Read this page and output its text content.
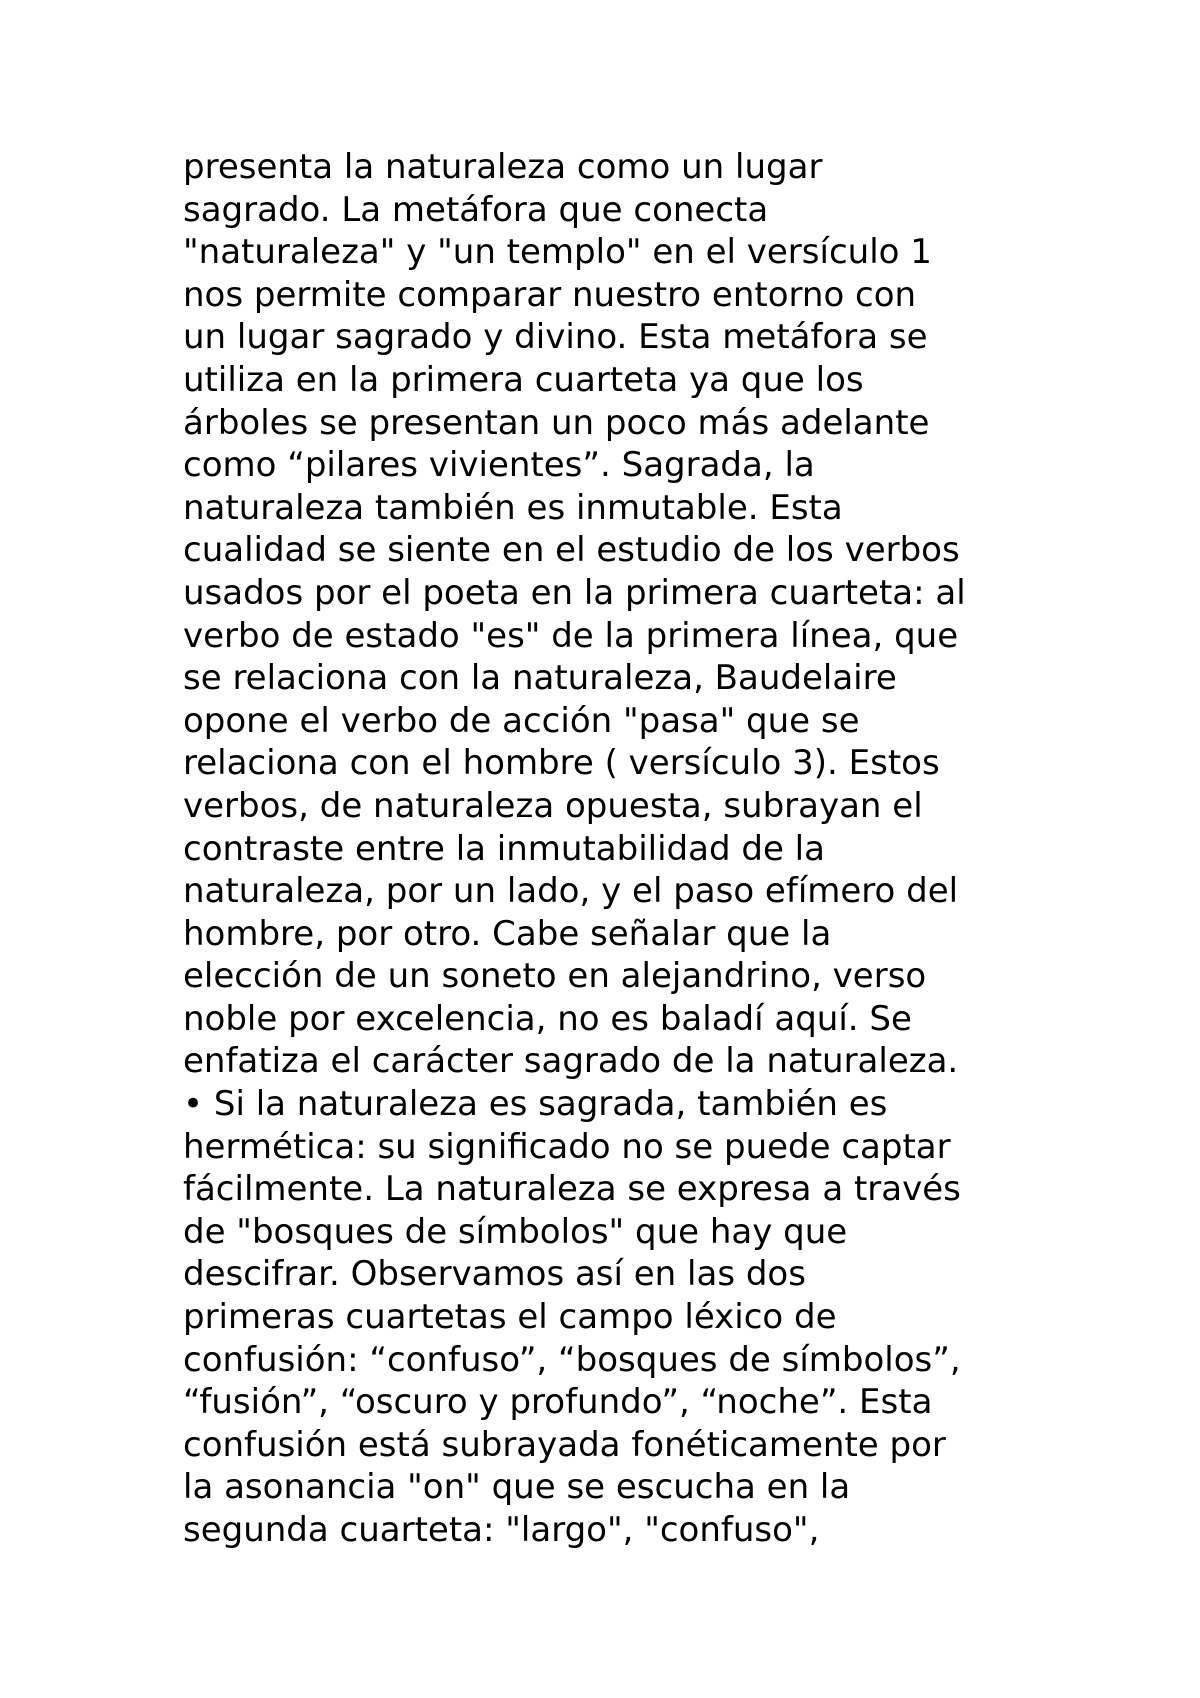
presenta la naturaleza como un lugar
sagrado. La metáfora que conecta
"naturaleza" y "un templo" en el versículo 1
nos permite comparar nuestro entorno con
un lugar sagrado y divino. Esta metáfora se
utiliza en la primera cuarteta ya que los
árboles se presentan un poco más adelante
como “pilares vivientes”. Sagrada, la
naturaleza también es inmutable. Esta
cualidad se siente en el estudio de los verbos
usados por el poeta en la primera cuarteta: al
verbo de estado "es" de la primera línea, que
se relaciona con la naturaleza, Baudelaire
opone el verbo de acción "pasa" que se
relaciona con el hombre ( versículo 3). Estos
verbos, de naturaleza opuesta, subrayan el
contraste entre la inmutabilidad de la
naturaleza, por un lado, y el paso efímero del
hombre, por otro. Cabe señalar que la
elección de un soneto en alejandrino, verso
noble por excelencia, no es baladí aquí. Se
enfatiza el carácter sagrado de la naturaleza.
• Si la naturaleza es sagrada, también es
hermética: su significado no se puede captar
fácilmente. La naturaleza se expresa a través
de "bosques de símbolos" que hay que
descifrar. Observamos así en las dos
primeras cuartetas el campo léxico de
confusión: “confuso”, “bosques de símbolos”,
“fusión”, “oscuro y profundo”, “noche”. Esta
confusión está subrayada fonéticamente por
la asonancia "on" que se escucha en la
segunda cuarteta: "largo", "confuso",
